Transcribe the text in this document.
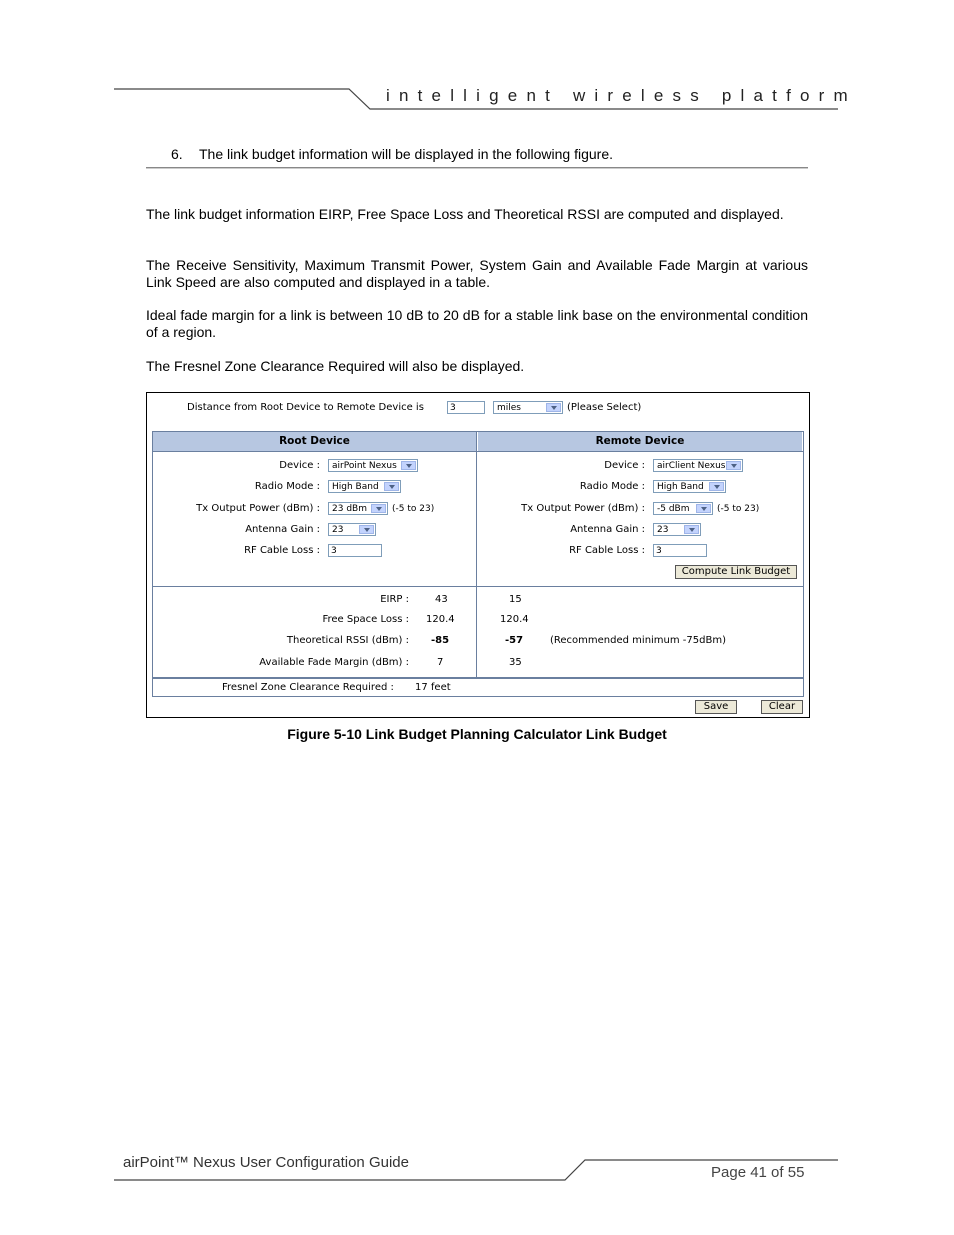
intelligent wireless platform
6. The link budget information will be displayed in the following figure.
The link budget information EIRP, Free Space Loss and Theoretical RSSI are computed and displayed.
The Receive Sensitivity, Maximum Transmit Power, System Gain and Available Fade Margin at various Link Speed are also computed and displayed in a table.
Ideal fade margin for a link is between 10 dB to 20 dB for a stable link base on the environmental condition of a region.
The Fresnel Zone Clearance Required will also be displayed.
Distance from Root Device to Remote Device is	3	miles	(Please Select)
Root Device	Remote Device
Device :	airPoint Nexus
Radio Mode :	High Band
Tx Output Power (dBm) :	23 dBm	(-5 to 23)
Antenna Gain :	23
RF Cable Loss :	3
Device :	airClient Nexus
Radio Mode :	High Band
Tx Output Power (dBm) :	-5 dBm	(-5 to 23)
Antenna Gain :	23
RF Cable Loss :	3
Compute Link Budget
EIRP :	43	15
Free Space Loss : 120.4	120.4
Theoretical RSSI (dBm) : -85	-57	(Recommended minimum -75dBm)
Available Fade Margin (dBm) :	7	35
Fresnel Zone Clearance Required : 17 feet
Save	Clear
Figure 5-10 Link Budget Planning Calculator Link Budget
airPoint™ Nexus User Configuration Guide
Page 41 of 55
